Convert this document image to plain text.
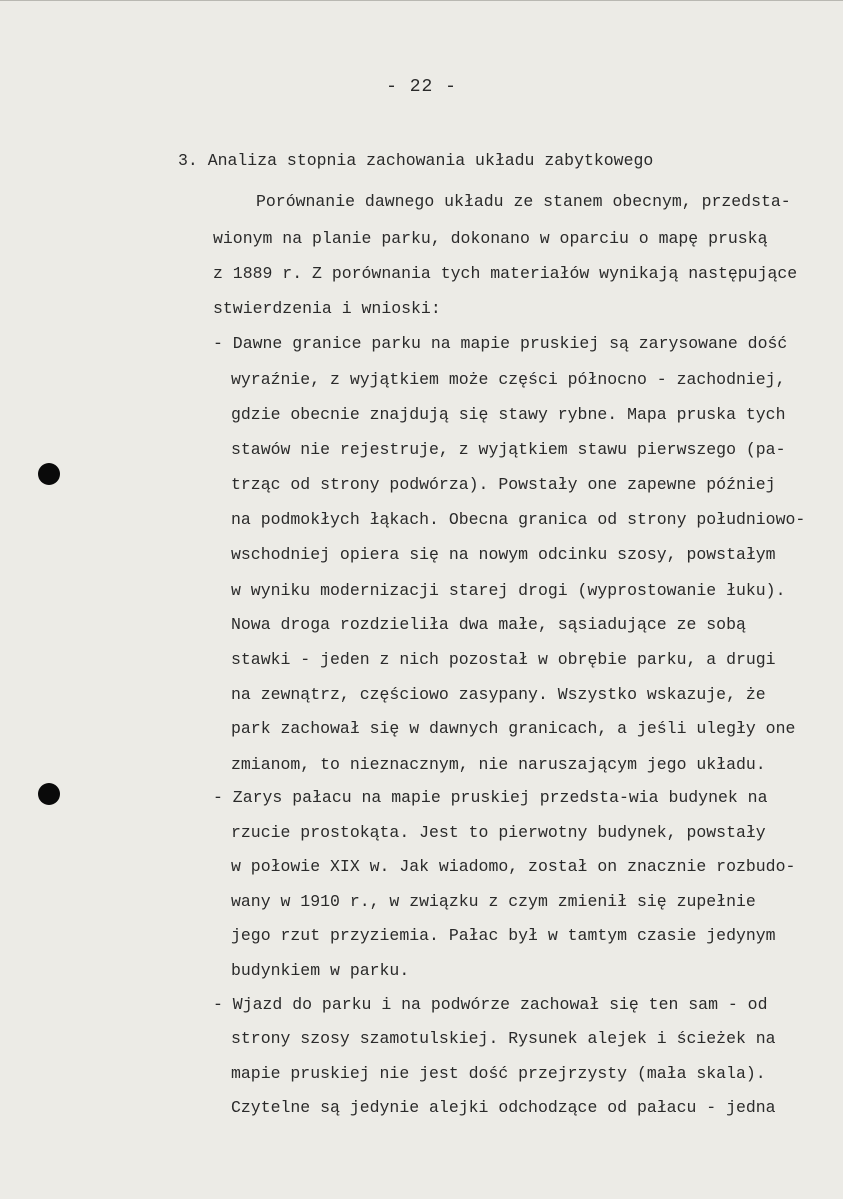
- 22 -
3. Analiza stopnia zachowania układu zabytkowego
Porównanie dawnego układu ze stanem obecnym, przedsta-
wionym na planie parku, dokonano w oparciu o mapę pruską
z 1889 r. Z porównania tych materiałów wynikają następujące
stwierdzenia i wnioski:
- Dawne granice parku na mapie pruskiej są zarysowane dość
wyraźnie, z wyjątkiem może części północno - zachodniej,
gdzie obecnie znajdują się stawy rybne. Mapa pruska tych
stawów nie rejestruje, z wyjątkiem stawu pierwszego (pa-
trząc od strony podwórza). Powstały one zapewne później
na podmokłych łąkach. Obecna granica od strony południowo-
wschodniej opiera się na nowym odcinku szosy, powstałym
w wyniku modernizacji starej drogi (wyprostowanie łuku).
Nowa droga rozdzieliła dwa małe, sąsiadujące ze sobą
stawki - jeden z nich pozostał w obrębie parku, a drugi
na zewnątrz, częściowo zasypany. Wszystko wskazuje, że
park zachował się w dawnych granicach, a jeśli uległy one
zmianom, to nieznacznym, nie naruszającym jego układu.
- Zarys pałacu na mapie pruskiej przedsta-wia budynek na
rzucie prostokąta. Jest to pierwotny budynek, powstały
w połowie XIX w. Jak wiadomo, został on znacznie rozbudo-
wany w 1910 r., w związku z czym zmienił się zupełnie
jego rzut przyziemia. Pałac był w tamtym czasie jedynym
budynkiem w parku.
- Wjazd do parku i na podwórze zachował się ten sam - od
strony szosy szamotulskiej. Rysunek alejek i ścieżek na
mapie pruskiej nie jest dość przejrzysty (mała skala).
Czytelne są jedynie alejki odchodzące od pałacu - jedna
